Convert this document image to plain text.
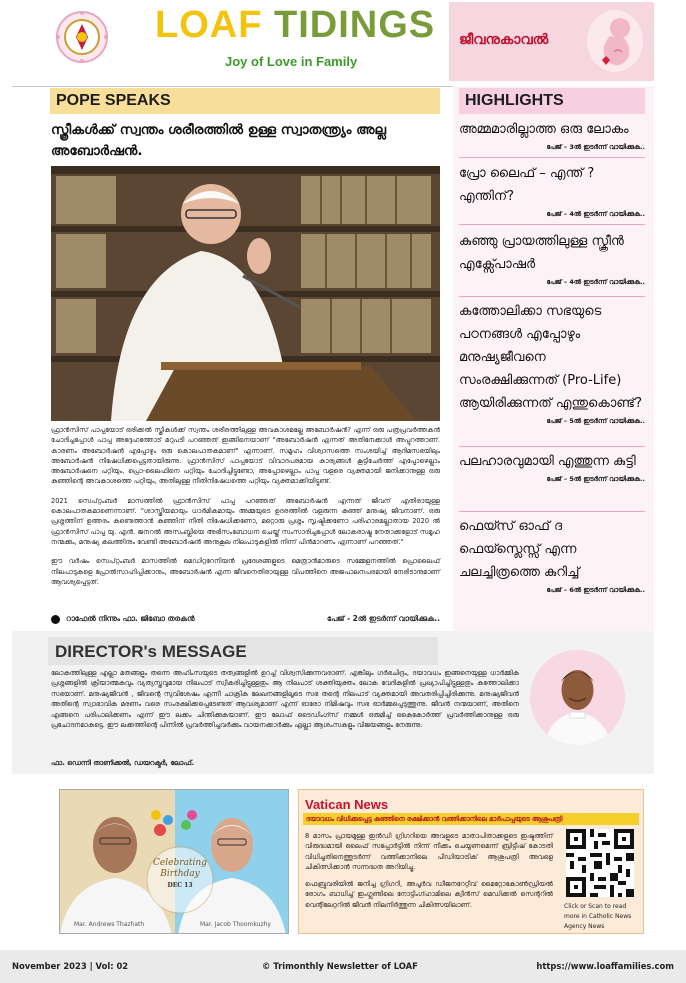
LOAF TIDINGS
Joy of Love in Family
ജീവനുകാവൽ
POPE SPEAKS
സ്ത്രീകൾക്ക് സ്വന്തം ശരീരത്തിൽ ഉള്ള സ്വാതന്ത്ര്യം അല്ല അബോർഷൻ.

ഫ്രാൻസിസ് പാപ്പയോട് ഒരിക്കൽ സ്ത്രീകൾക്ക് സ്വന്തം ശരീരത്തിലുള്ള അവകാശമല്ലേ അബോർഷൻ? എന്ന് ഒരു പത്രപ്രവർത്തകൻ ചോദിച്ചപ്പോൾ പാപ്പ അദ്ദേഹത്തോട് മറുപടി പറഞ്ഞത് ഇങ്ങിനെയാണ് "അബോർഷൻ എന്നത് അതിനേക്കാൾ അപ്പുറത്താണ്. കാരണം അബോർഷൻ എപ്പോഴും ഒരു കൊലപാതകമാണ്" എന്നാണ്. സമൂഹം വിശ്വാസത്തെ സംശയിച്ച് ആദിമസഭയിലും അബോർഷൻ നിഷേധിക്കപ്പെട്ടതായിരുന്നു. ഫ്രാൻസിസ് പാപ്പയോട് വിവാദപരമായ കാര്യങ്ങൾ കൂട്ടിചേർത്ത് എപ്പോഴെല്ലാം അബോർഷനെ പറ്റിയും, പ്രൊ-ലൈഫിനെ പറ്റിയും ചോദിച്ചിട്ടുണ്ടോ, അപ്പോഴെല്ലാം പാപ്പ വളരെ വ്യക്തമായി ജനിക്കാനുള്ള ഒരു കുഞ്ഞിന്റെ അവകാശത്തെ പറ്റിയും, അതിലുള്ള നീതിനിഷേധത്തെ പറ്റിയും വ്യക്തമാക്കിയിട്ടുണ്ട്.

2021 സെപ്റ്റംബർ മാസത്തിൽ ഫ്രാൻസിസ് പാപ്പ പറഞ്ഞത് അബോർഷൻ എന്നത് ജീവന് എതിരായുള്ള കൊലപാതകമാണെന്നാണ്. "ശാസ്ത്രീയമായും ധാർമികമായും അമ്മയുടെ ഉദരത്തിൽ വളരുന്ന കുഞ്ഞ് മനുഷ്യ ജീവനാണ്. ഒരു പ്രശ്നത്തിന് ഉത്തരം കണ്ടെത്താൻ കുഞ്ഞിന് നീതി നിഷേധിക്കണോ, മറ്റൊരു പ്രശ്നം സൃഷ്ടിക്കണോ പരിഹാരമല്ലാതായ 2020 ൽ ഫ്രാൻസിസ് പാപ്പ യു. എൻ. ജനറൽ അസംബ്ലിയെ അഭിസംബോധന ചെയ്ത് സംസാരിച്ചപ്പോൾ ലോകരാഷ്ട്ര നേതാക്കളോട് സമൂഹ നന്മക്കും, മനുഷ്യ കലത്തിനും വേണ്ടി അബോർഷൻ അനുകൂല നിലപാടുകളിൽ നിന്ന് പിൻമാറണം എന്നാണ് പറഞ്ഞത്."

ഈ വർഷം സെപ്റ്റംബർ മാസത്തിൽ മെഡിറ്ററേനിയൻ പ്രദേശങ്ങളുടെ മെത്രാൻമാരുടെ സമ്മേളനത്തിൽ പ്രൊലൈഫ് നിലപാടുകളെ പ്രോൽസാഹിപ്പിക്കാനും, അബോർഷൻ എന്ന ജീവനെതിരായുള്ള വിപത്തിനെ അജപാലനപരമായി നേരിടാനുമാണ് ആവശ്യപ്പെട്ടത്.

റാഫേൽ നിന്നും ഫാ. ജിബോ തരകൻ	പേജ് - 2ൽ ഇടർന്ന് വായിക്കുക..
HIGHLIGHTS
അമ്മമാരില്ലാത്ത ഒരു ലോകം
പേജ് – 3ൽ ഇടർന്ന് വായിക്കുക..
പ്രോ ലൈഫ് – എന്ത് ? എന്തിന്?
പേജ് – 4ൽ ഇടർന്ന് വായിക്കുക..
കുഞ്ഞു പ്രായത്തിലുള്ള സ്ക്രീൻ എക്സ്പോഷർ
പേജ് – 4ൽ ഇടർന്ന് വായിക്കുക..
കത്തോലിക്കാ സഭയുടെ പഠനങ്ങൾ എപ്പോഴും മനുഷ്യജീവനെ സംരക്ഷിക്കുന്നത് (Pro-Life) ആയിരിക്കുന്നത് എന്തുകൊണ്ട്?
പേജ് – 5ൽ ഇടർന്ന് വായിക്കുക..
പലഹാരവുമായി എത്തുന്ന കുട്ടി
പേജ് – 5ൽ ഇടർന്ന് വായിക്കുക..
ഫെയ്സ് ഓഫ് ദ ഫെയ്സ്ലെസ്സ് എന്ന ചലച്ചിത്രത്തെ കുറിച്ച്
പേജ് – 6ൽ ഇടർന്ന് വായിക്കുക..
DIRECTOR's MESSAGE
ലോകത്തിലുള്ള എല്ലാ മതങ്ങളും തന്നെ അഹിംസയുടെ തത്വങ്ങളിൽ ഉറച്ച് വിശ്വസിക്കുന്നവരാണ്. എങ്കിലും ഗർഭചിദ്രം, ദയാവധം ഇങ്ങനെയുള്ള ധാർമ്മിക പ്രശ്നങ്ങളിൽ ക്രിയാത്മകവും വ്യത്യസ്തവുമായ നിലപാട് സ്വീകരിച്ചിട്ടുള്ളതും ആ നിലപാട് ശക്തിയുക്തം ലോക വേദികളിൽ പ്രഖ്യാപിച്ചിട്ടുള്ളതും കത്തോലിക്കാ സഭയാണ്. മനുഷ്യജീവൻ , ജീവന്റെ സുവിശേഷം എന്നീ ചാക്രിക ലേഖനങ്ങളിലൂടെ സഭ തന്റെ നിലപാട് വ്യക്തമായി അവതരിപ്പിച്ചിരിക്കുന്നു. മനുഷ്യജീവൻ അതിന്റെ സ്വാഭാവിക മരണം വരെ സംരക്ഷിക്കപ്പെടേണ്ടത് ആവശ്യമാണ് എന്ന് ഓരോ നിമിഷവും സഭ ഓർമ്മപ്പെടുത്തുന്നു. ജീവൻ നന്മയാണ്, അതിനെ എങ്ങനെ പരിപാലിക്കണം എന്ന് ഈ ലക്കം ചിന്തിക്കുകയാണ്. ഈ ലോഫ് ടൈഡിംഗ്സ് നമ്മൾ ഒരുമിച്ച് കൈകോർത്ത് പ്രവർത്തിക്കാനുള്ള ഒരു പ്രചോദനമാകട്ടെ. ഈ ലക്കത്തിന്റെ പിന്നിൽ പ്രവർത്തിച്ചവർക്കും വായനക്കാർക്കും എല്ലാ ആശംസകളും വിജയങ്ങളും നേരുന്നു.
ഫാ. ഡെന്നി താണിക്കൽ, ഡയറക്ടർ, ലോഫ്.
Celebrating
Birthday
DEC 13
Mar. Andrews Thazhath	Mar. Jacob Thoomkuzhy
Vatican News
ദയാവധം വിധിക്കപ്പെട്ട കുഞ്ഞിനെ രക്ഷിക്കാൻ വത്തിക്കാനിലെ മാർപാപ്പയുടെ ആശുപത്രി

8 മാസം പ്രായമുള്ള ഇൻഡി ഗ്രിഗറിയെ അവളുടെ മാതാപിതാക്കളുടെ ഇഷ്ടത്തിന് വിരുദ്ധമായി ലൈഫ് സപ്പോർട്ടിൽ നിന്ന് നീക്കം ചെയ്യണമെന്ന് ബ്രിട്ടീഷ് കോടതി വിധിച്ചതിനെത്തുടർന്ന് വത്തിക്കാനിലെ പീഡിയാട്രിക് ആശുപത്രി അവളെ ചികിത്സിക്കാൻ സന്നദ്ധത അറിയിച്ചു.

ഫെബ്രുവരിയിൽ ജനിച്ച ഗ്രിഗറി, അപൂർവ ഡീജനറേറ്റീവ് മൈറ്റോകോൺഡ്രിയൽ രോഗം ബാധിച്ച് ഇംഗ്ലണ്ടിലെ നോട്ടിംഗ്ഹാമിലെ ക്വീൻസ് മെഡിക്കൽ സെന്ററിൽ വെന്റിലേറ്ററിൽ ജീവൻ നിലനിർത്തുന്ന ചികിത്സയിലാണ്.	Click or Scan to read more in Catholic News Agency News
November 2023 | Vol: 02	© Trimonthly Newsletter of LOAF	https://www.loaffamilies.com
